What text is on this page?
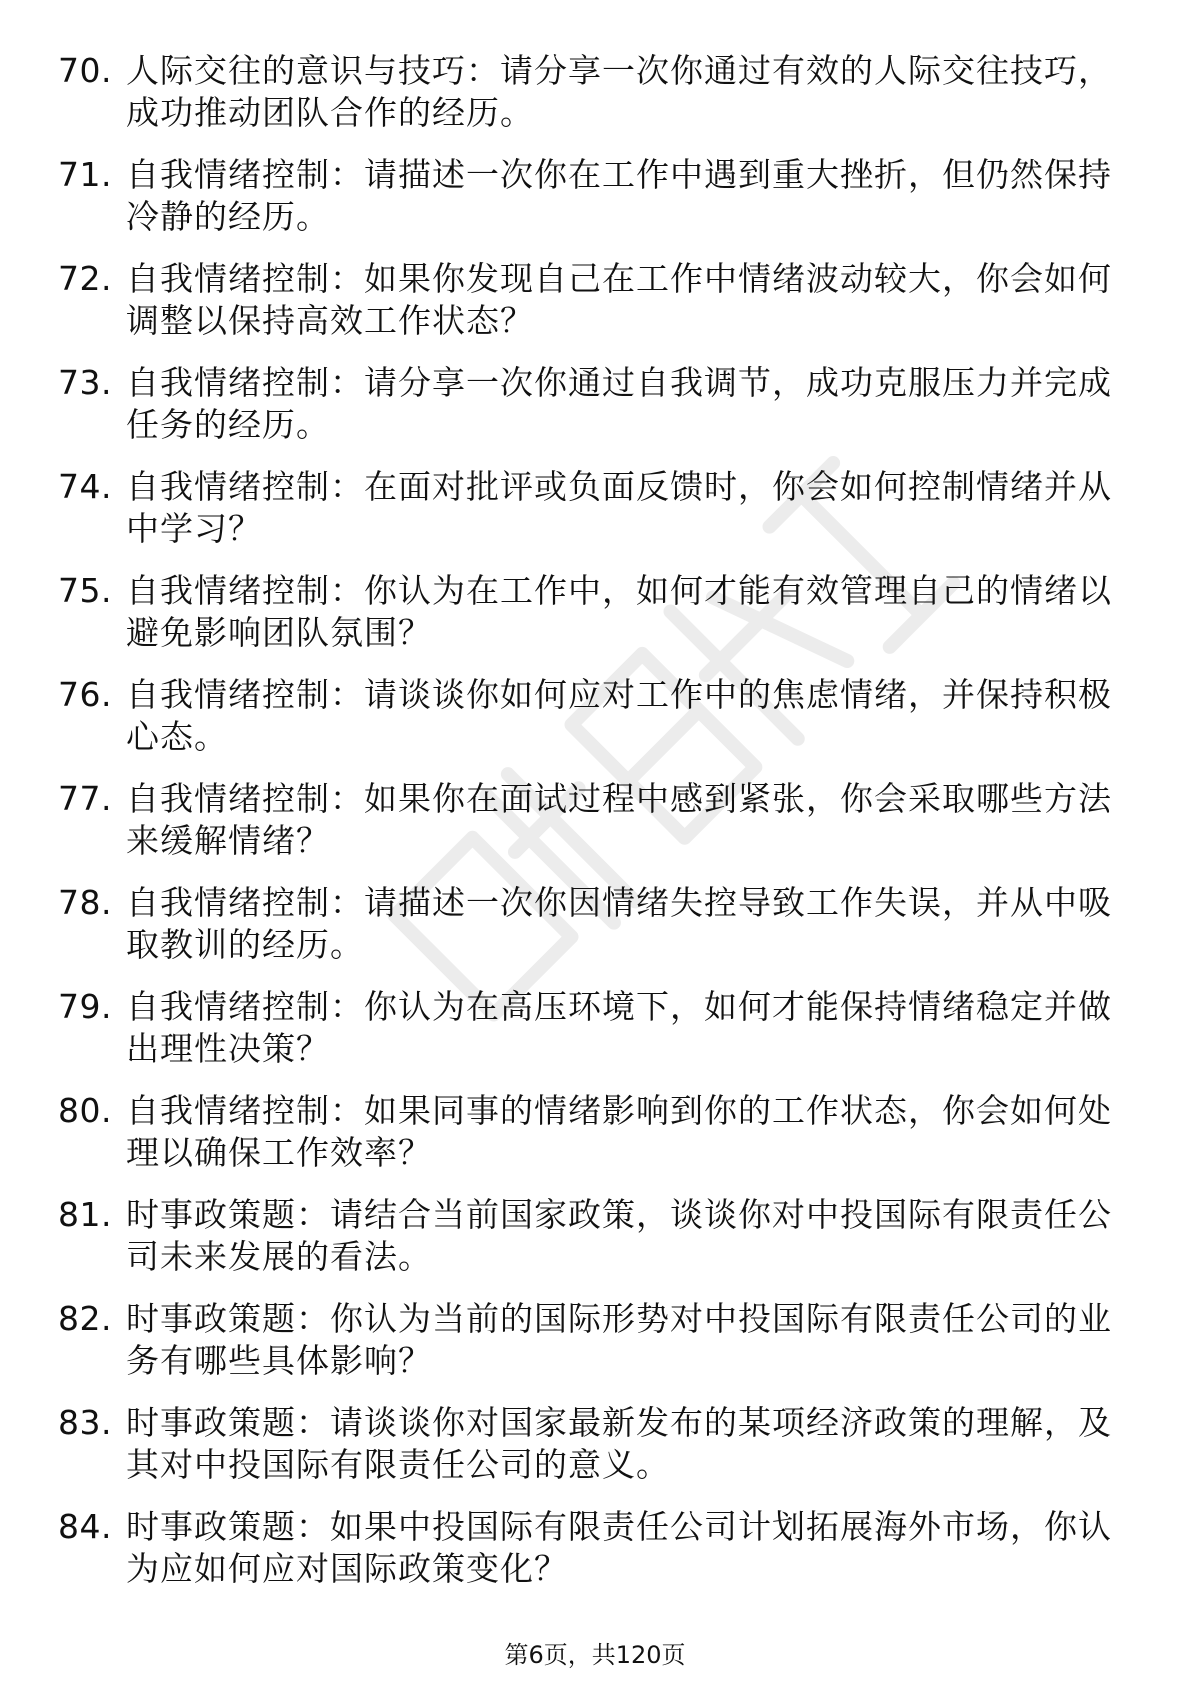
70. 人际交往的意识与技巧：请分享一次你通过有效的人际交往技巧，成功推动团队合作的经历。
71. 自我情绪控制：请描述一次你在工作中遇到重大挫折，但仍然保持冷静的经历。
72. 自我情绪控制：如果你发现自己在工作中情绪波动较大，你会如何调整以保持高效工作状态？
73. 自我情绪控制：请分享一次你通过自我调节，成功克服压力并完成任务的经历。
74. 自我情绪控制：在面对批评或负面反馈时，你会如何控制情绪并从中学习？
75. 自我情绪控制：你认为在工作中，如何才能有效管理自己的情绪以避免影响团队氛围？
76. 自我情绪控制：请谈谈你如何应对工作中的焦虑情绪，并保持积极心态。
77. 自我情绪控制：如果你在面试过程中感到紧张，你会采取哪些方法来缓解情绪？
78. 自我情绪控制：请描述一次你因情绪失控导致工作失误，并从中吸取教训的经历。
79. 自我情绪控制：你认为在高压环境下，如何才能保持情绪稳定并做出理性决策？
80. 自我情绪控制：如果同事的情绪影响到你的工作状态，你会如何处理以确保工作效率？
81. 时事政策题：请结合当前国家政策，谈谈你对中投国际有限责任公司未来发展的看法。
82. 时事政策题：你认为当前的国际形势对中投国际有限责任公司的业务有哪些具体影响？
83. 时事政策题：请谈谈你对国家最新发布的某项经济政策的理解，及其对中投国际有限责任公司的意义。
84. 时事政策题：如果中投国际有限责任公司计划拓展海外市场，你认为应如何应对国际政策变化？
第6页，共120页
